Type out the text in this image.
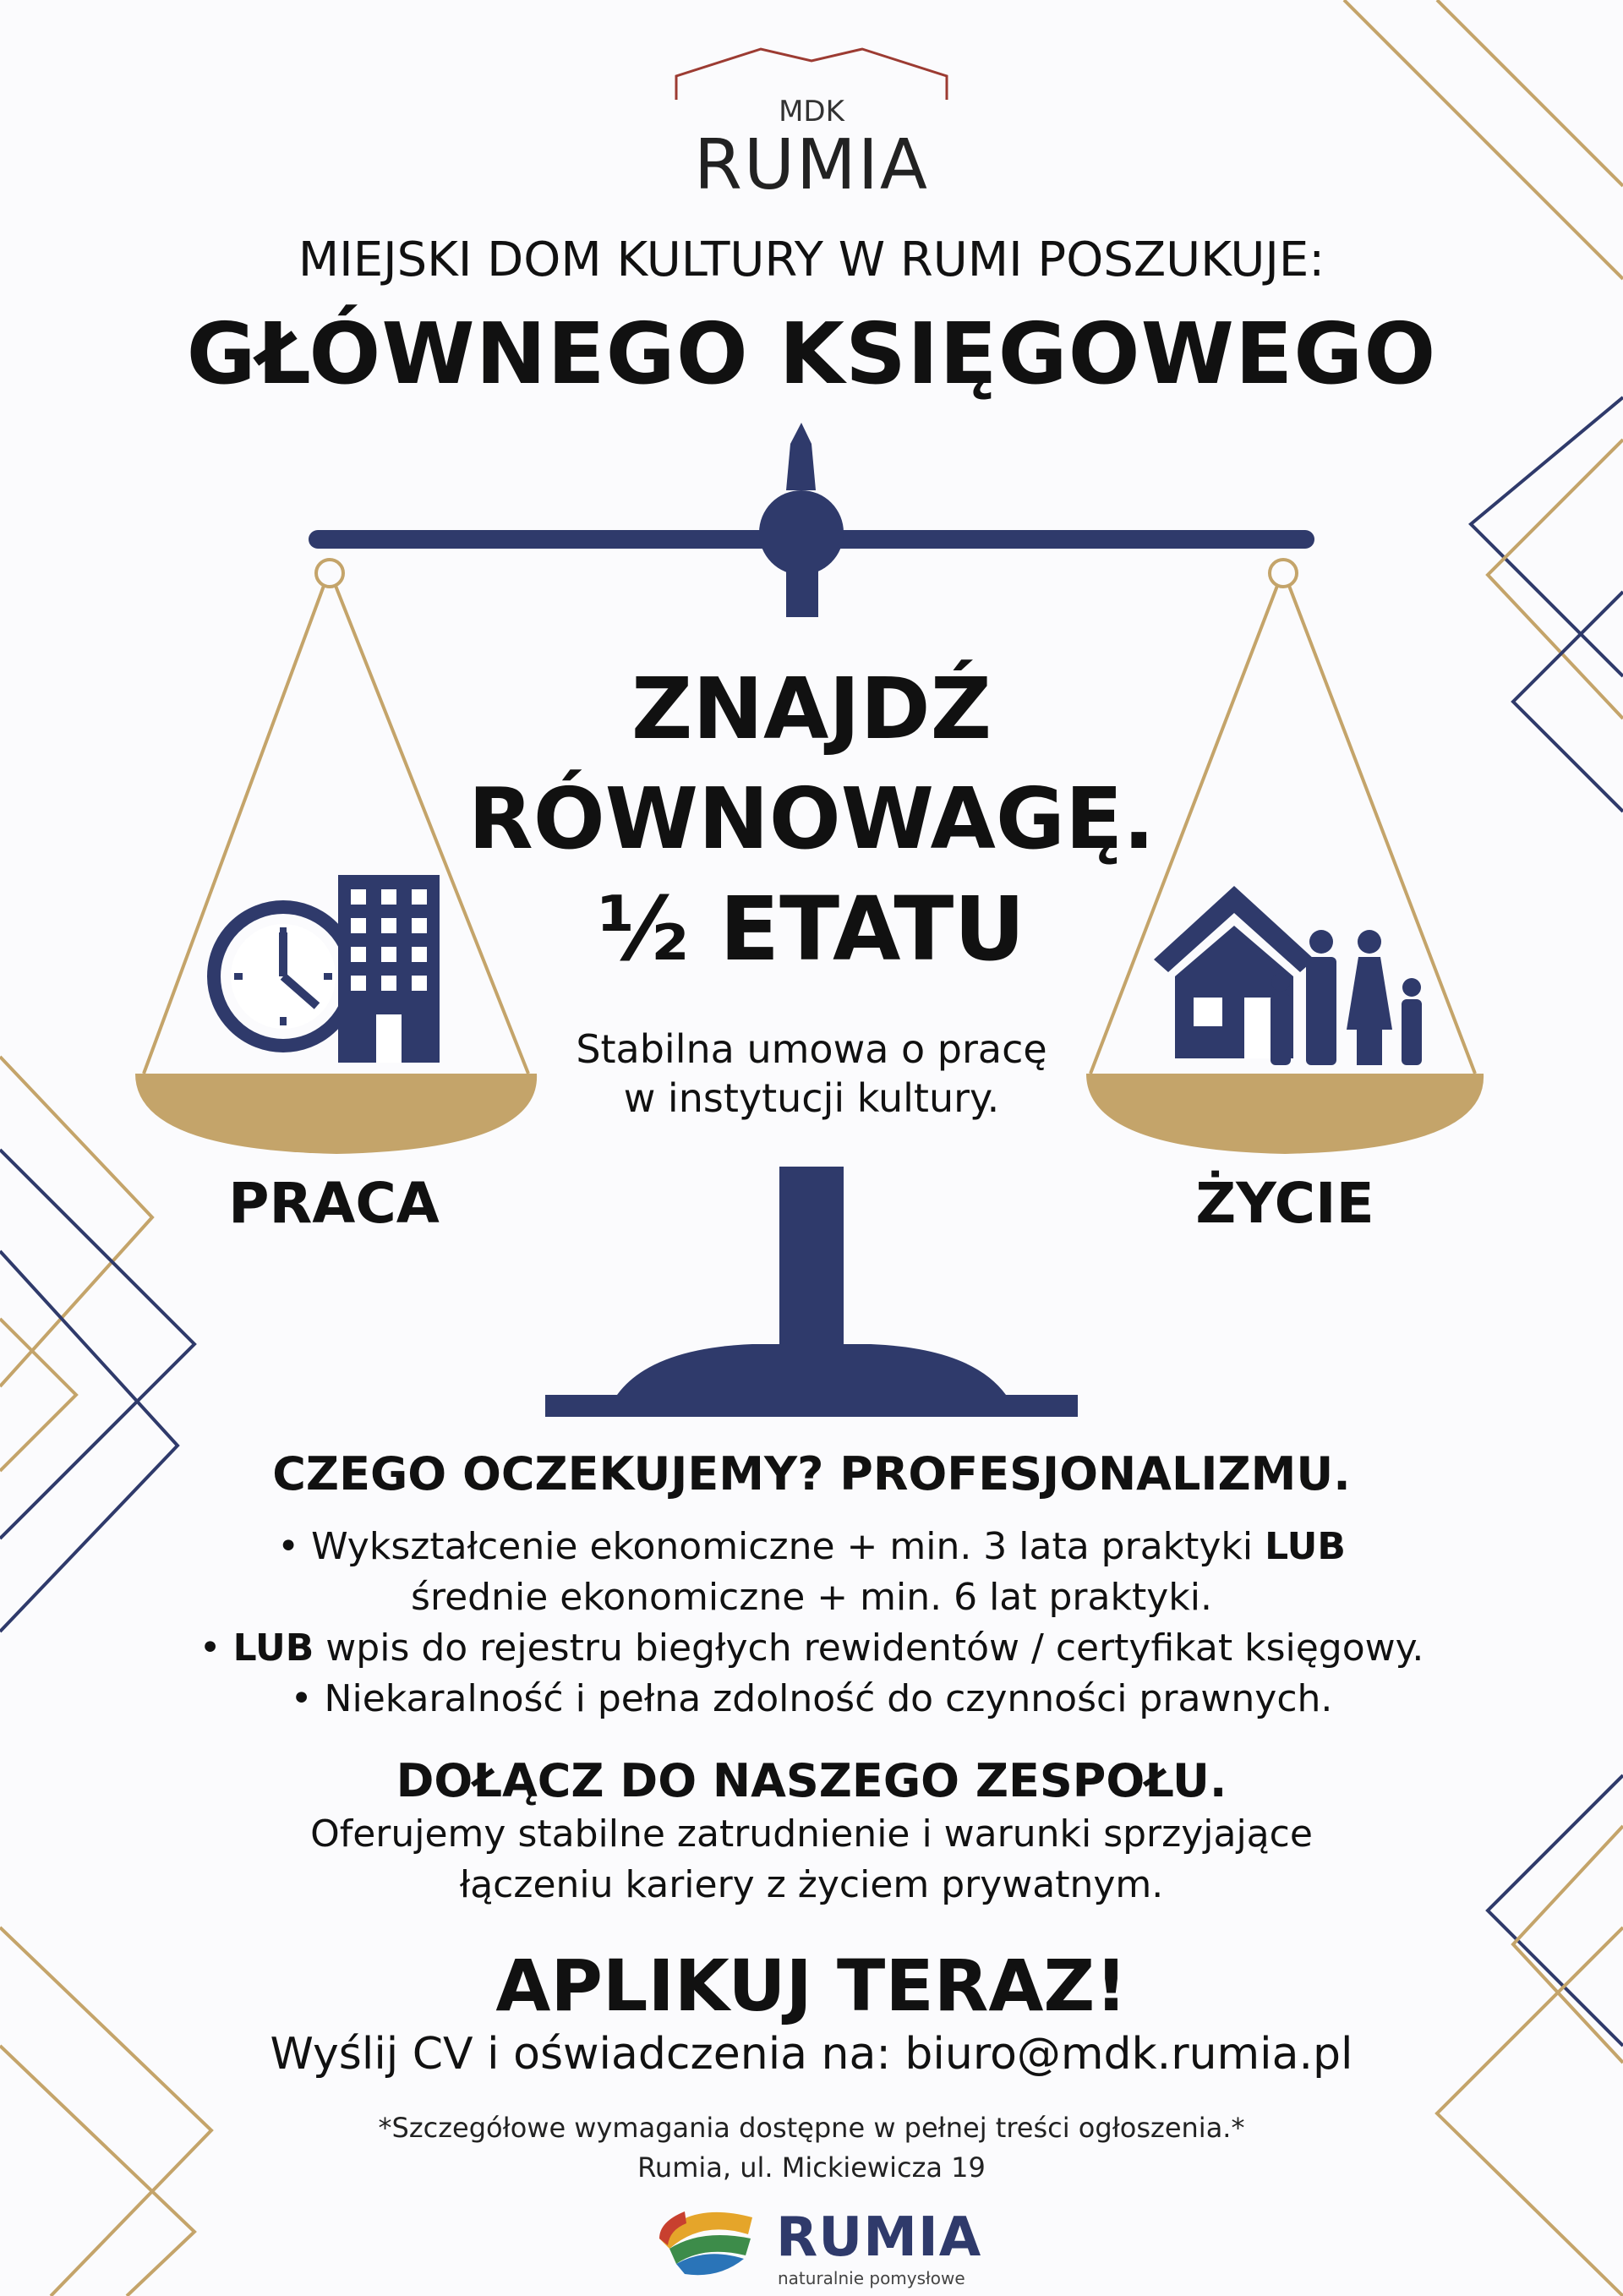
MDK
RUMIA
MIEJSKI DOM KULTURY W RUMI POSZUKUJE:
GŁÓWNEGO KSIĘGOWEGO
ZNAJDŹ
RÓWNOWAGĘ.
½ ETATU
Stabilna umowa o pracę
w instytucji kultury.
PRACA	ŻYCIE
CZEGO OCZEKUJEMY? PROFESJONALIZMU.
• Wykształcenie ekonomiczne + min. 3 lata praktyki LUB
średnie ekonomiczne + min. 6 lat praktyki.
• LUB wpis do rejestru biegłych rewidentów / certyfikat księgowy.
• Niekaralność i pełna zdolność do czynności prawnych.
DOŁĄCZ DO NASZEGO ZESPOŁU.
Oferujemy stabilne zatrudnienie i warunki sprzyjające
łączeniu kariery z życiem prywatnym.
APLIKUJ TERAZ!
Wyślij CV i oświadczenia na: biuro@mdk.rumia.pl
*Szczegółowe wymagania dostępne w pełnej treści ogłoszenia.*
Rumia, ul. Mickiewicza 19
RUMIA
naturalnie pomysłowe
